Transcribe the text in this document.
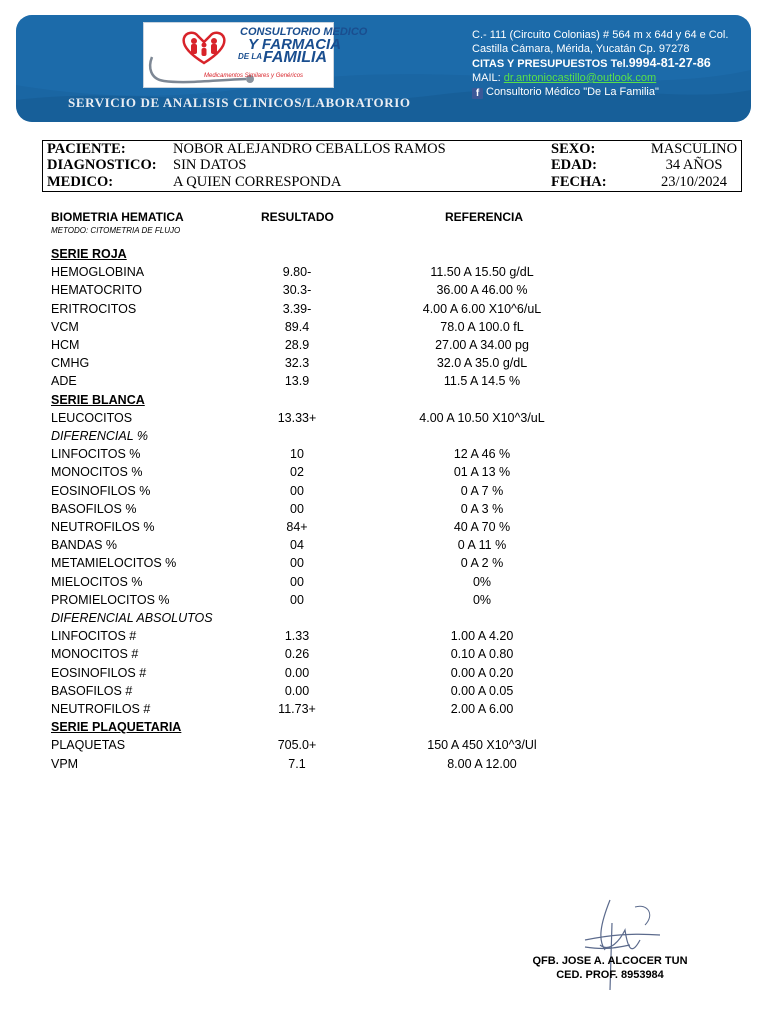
CONSULTORIO MEDICO
Y FARMACIA
DE LA FAMILIA
Medicamentos Similares y Genéricos
SERVICIO DE ANALISIS CLINICOS/LABORATORIO
C.- 111 (Circuito Colonias) # 564 m x 64d y 64 e Col.
Castilla Cámara, Mérida, Yucatán Cp. 97278
CITAS Y PRESUPUESTOS Tel.9994-81-27-86
MAIL: dr.antoniocastillo@outlook.com
f Consultorio Médico "De La Familia"
PACIENTE:	NOBOR ALEJANDRO CEBALLOS RAMOS
DIAGNOSTICO: SIN DATOS
MEDICO:	A QUIEN CORRESPONDA
SEXO:	MASCULINO
EDAD:	34 AÑOS
FECHA:	23/10/2024
BIOMETRIA HEMATICA	RESULTADO	REFERENCIA
METODO: CITOMETRIA DE FLUJO
SERIE ROJA
HEMOGLOBINA	9.80-	11.50 A 15.50 g/dL
HEMATOCRITO	30.3-	36.00 A 46.00 %
ERITROCITOS	3.39-	4.00 A 6.00 X10^6/uL
VCM	89.4	78.0 A 100.0 fL
HCM	28.9	27.00 A 34.00 pg
CMHG	32.3	32.0 A 35.0 g/dL
ADE	13.9	11.5 A 14.5 %
SERIE BLANCA
LEUCOCITOS	13.33+	4.00 A 10.50 X10^3/uL
DIFERENCIAL %
LINFOCITOS %	10	12 A 46 %
MONOCITOS %	02	01 A 13 %
EOSINOFILOS %	00	0 A 7 %
BASOFILOS %	00	0 A 3 %
NEUTROFILOS %	84+	40 A 70 %
BANDAS %	04	0 A 11 %
METAMIELOCITOS %	00	0 A 2 %
MIELOCITOS %	00	0%
PROMIELOCITOS %	00	0%
DIFERENCIAL ABSOLUTOS
LINFOCITOS #	1.33	1.00 A 4.20
MONOCITOS #	0.26	0.10 A 0.80
EOSINOFILOS #	0.00	0.00 A 0.20
BASOFILOS #	0.00	0.00 A 0.05
NEUTROFILOS #	11.73+	2.00 A 6.00
SERIE PLAQUETARIA
PLAQUETAS	705.0+	150 A 450 X10^3/Ul
VPM	7.1	8.00 A 12.00
QFB. JOSE A. ALCOCER TUN
CED. PROF. 8953984
